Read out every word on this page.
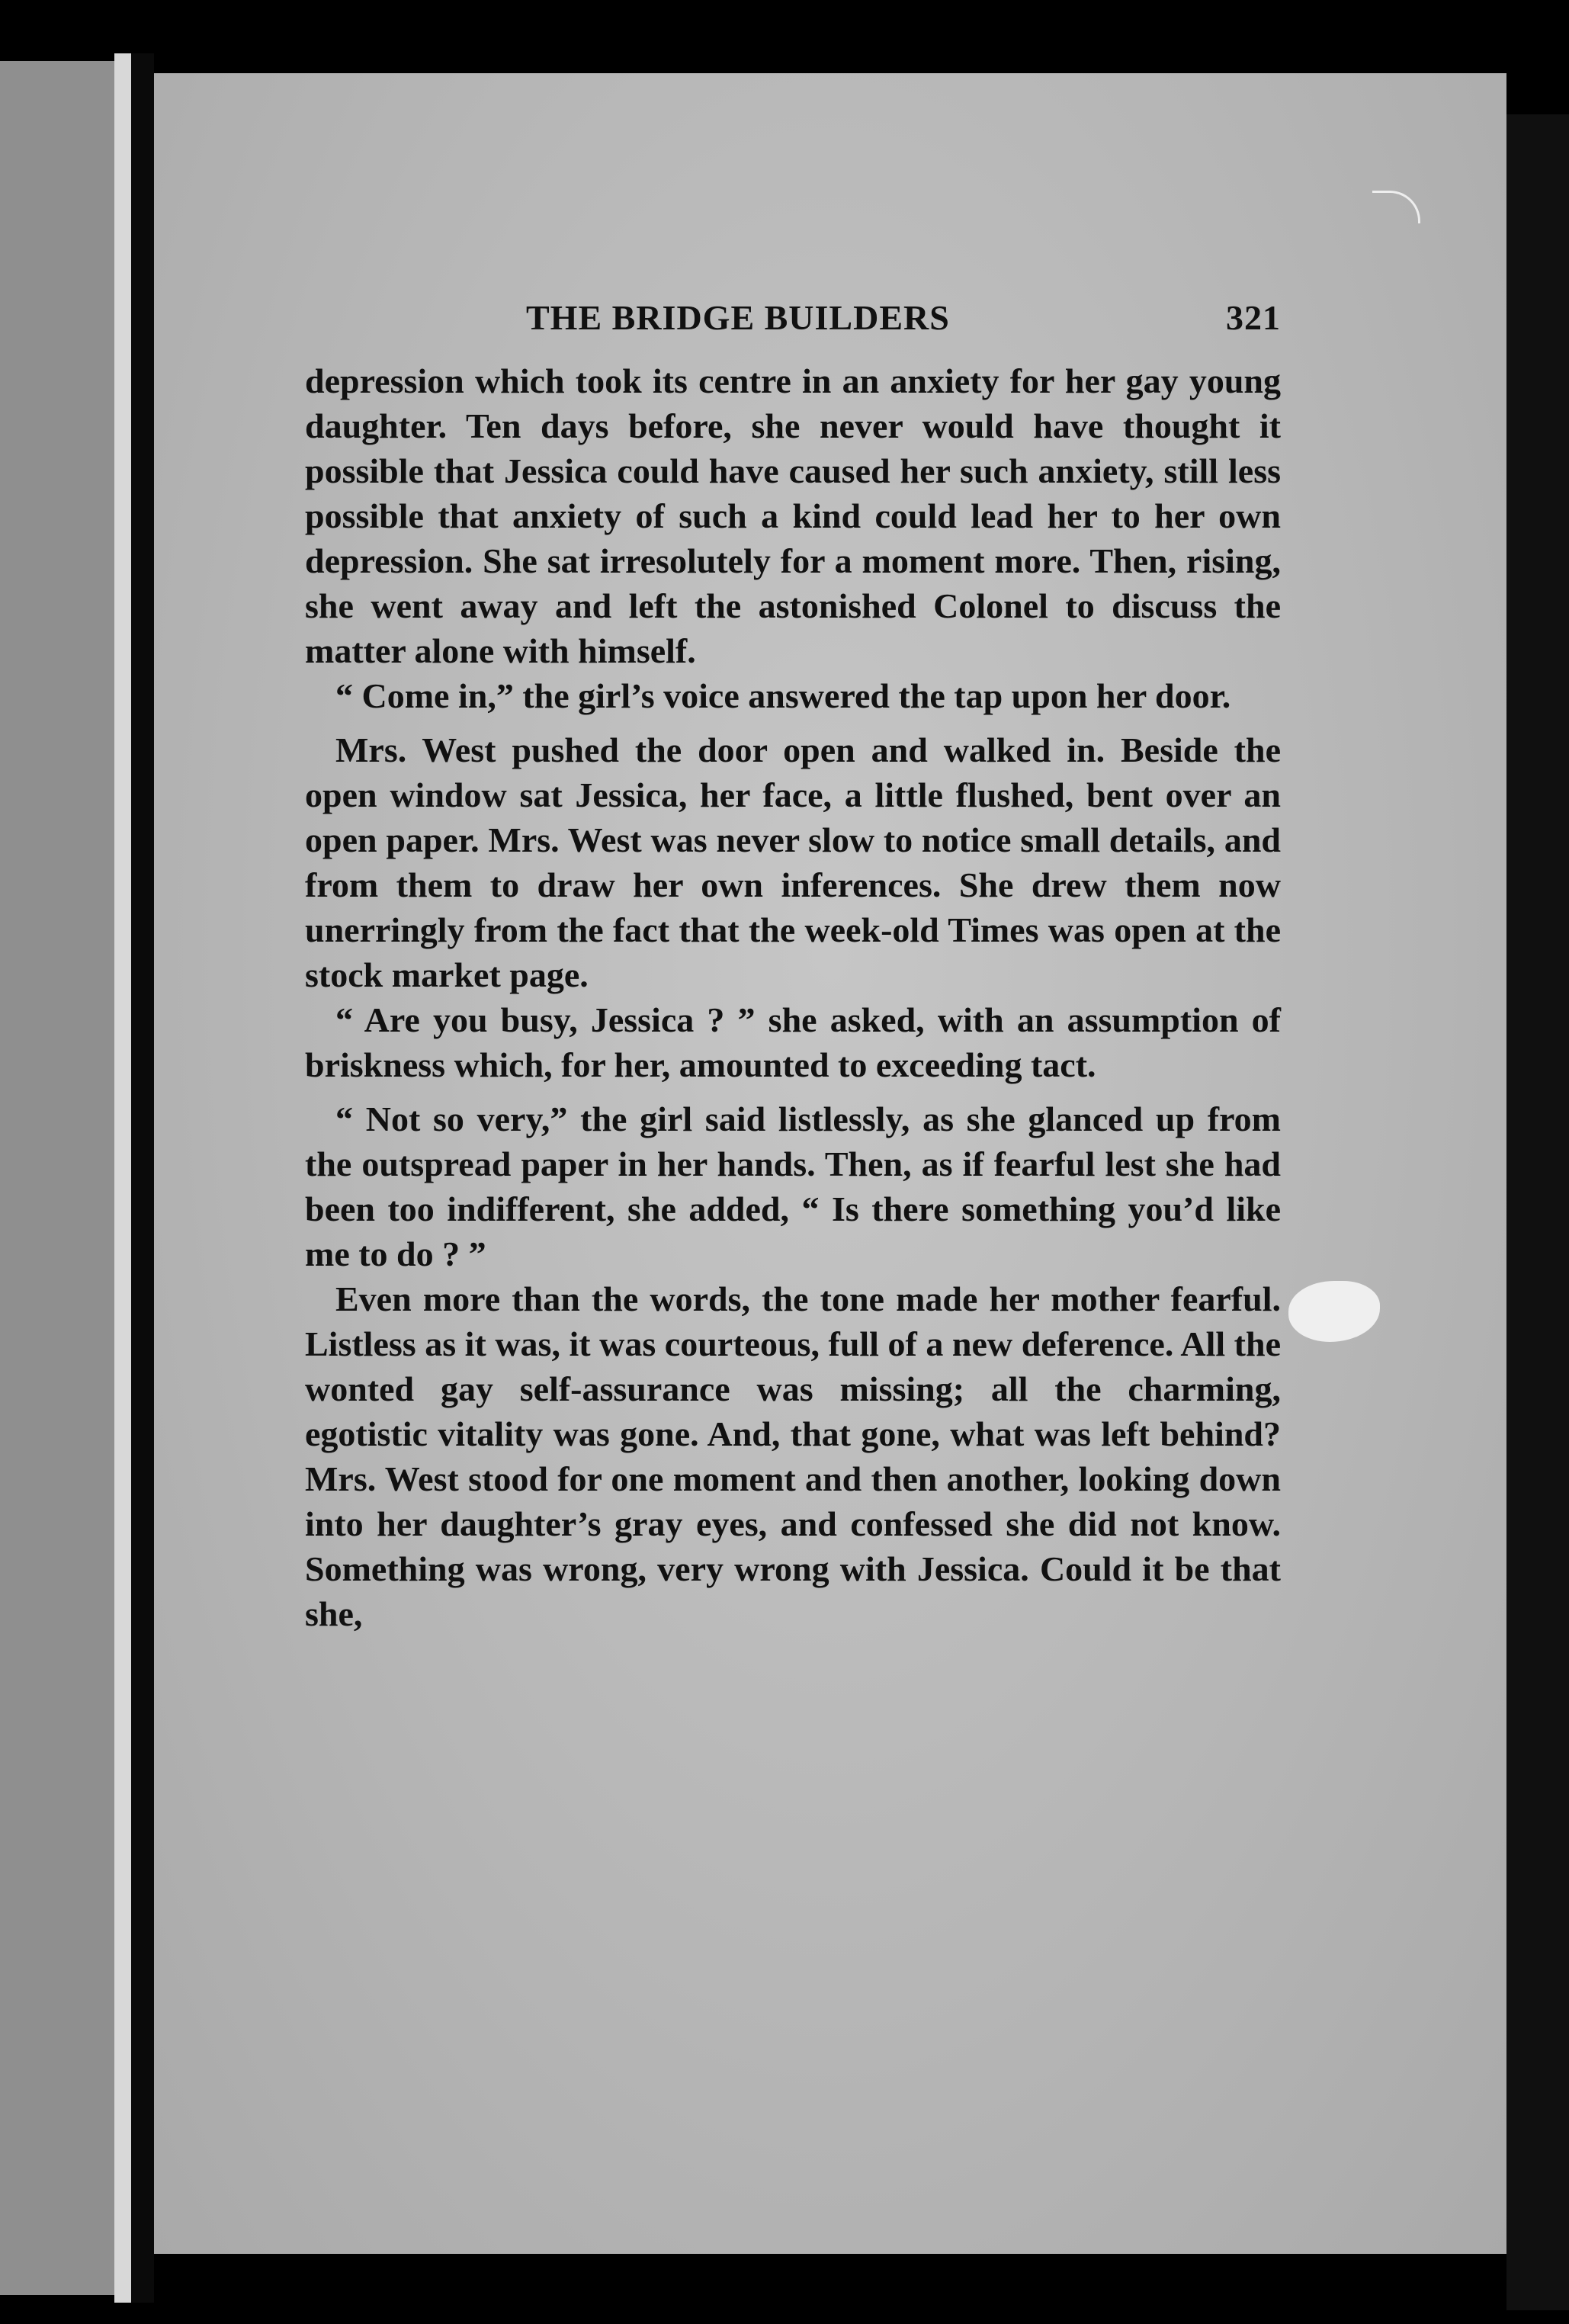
THE BRIDGE BUILDERS	321

depression which took its centre in an anxiety for her gay young daughter. Ten days before, she never would have thought it possible that Jessica could have caused her such anxiety, still less possible that anxiety of such a kind could lead her to her own depression. She sat irresolutely for a moment more. Then, rising, she went away and left the astonished Colonel to discuss the matter alone with himself.

“ Come in,” the girl’s voice answered the tap upon her door.

Mrs. West pushed the door open and walked in. Beside the open window sat Jessica, her face, a little flushed, bent over an open paper. Mrs. West was never slow to notice small details, and from them to draw her own inferences. She drew them now unerringly from the fact that the week-old Times was open at the stock market page.

“ Are you busy, Jessica ? ” she asked, with an assumption of briskness which, for her, amounted to exceeding tact.

“ Not so very,” the girl said listlessly, as she glanced up from the outspread paper in her hands. Then, as if fearful lest she had been too indifferent, she added, “ Is there something you’d like me to do ? ”

Even more than the words, the tone made her mother fearful. Listless as it was, it was courteous, full of a new deference. All the wonted gay self-assurance was missing; all the charming, egotistic vitality was gone. And, that gone, what was left behind? Mrs. West stood for one moment and then another, looking down into her daughter’s gray eyes, and confessed she did not know. Something was wrong, very wrong with Jessica. Could it be that she,
